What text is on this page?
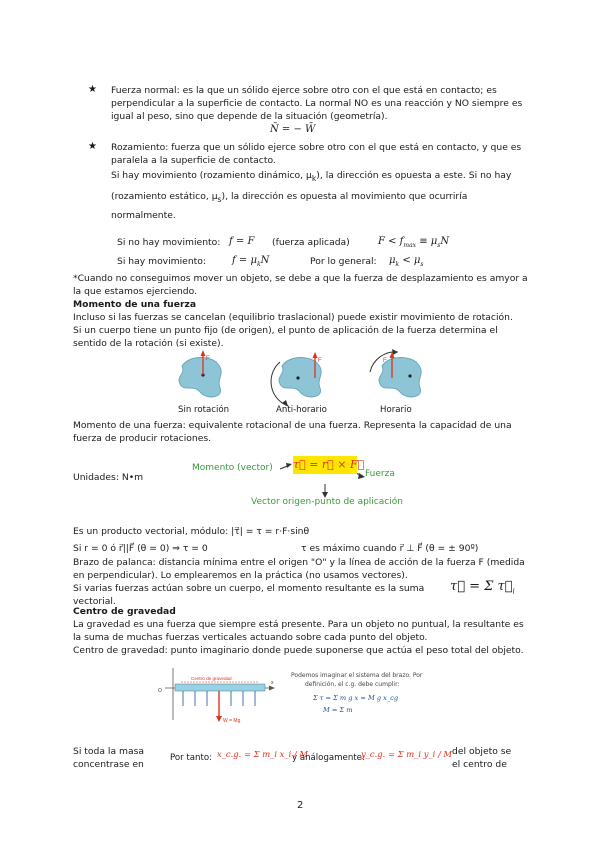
★ Fuerza normal: es la que un sólido ejerce sobre otro con el que está en contacto; es
perpendicular a la superficie de contacto. La normal NO es una reacción y NO siempre es
igual al peso, sino que depende de la situación (geometría).
N̄ = − W̄
★ Rozamiento: fuerza que un sólido ejerce sobre otro con el que está en contacto, y que es
paralela a la superficie de contacto.
Si hay movimiento (rozamiento dinámico, $\mu_k$), la dirección es opuesta a este. Si no hay
(rozamiento estático, $\mu_s$), la dirección es opuesta al movimiento que ocurriría
normalmente.
Si no hay movimiento: f = F (fuerza aplicada)	$F < f_{max} \equiv \mu_sN$
Si hay movimiento:	$f = \mu_kN$	Por lo general: $\mu_k < \mu_s$
*Cuando no conseguimos mover un objeto, se debe a que la fuerza de desplazamiento es amyor a
la que estamos ejerciendo.
Momento de una fuerza
Incluso si las fuerzas se cancelan (equilibrio traslacional) puede existir movimiento de rotación.
Si un cuerpo tiene un punto fijo (de origen), el punto de aplicación de la fuerza determina el
sentido de la rotación (si existe).
F	F	F
Sin rotación	Anti-horario	Horario
Momento de una fuerza: equivalente rotacional de una fuerza. Representa la capacidad de una
fuerza de producir rotaciones.
Unidades: N•m
Momento (vector) τ⃗ = r⃗ × F⃗
Fuerza
Vector origen-punto de aplicación
Es un producto vectorial, módulo: |τ⃗| = τ = r·F·sinθ
Si r = 0 ó r⃗||F⃗ (θ = 0) ⇒ τ = 0	τ es máximo cuando r⃗ ⊥ F⃗ (θ = ± 90º)
Brazo de palanca: distancia mínima entre el origen "O" y la línea de acción de la fuerza F (medida
en perpendicular). Lo emplearemos en la práctica (no usamos vectores).
Si varias fuerzas actúan sobre un cuerpo, el momento resultante es la suma
vectorial.
τ⃗ = Σ $\tau⃗_i$
Centro de gravedad
La gravedad es una fuerza que siempre está presente. Para un objeto no puntual, la resultante es
la suma de muchas fuerzas verticales actuando sobre cada punto del objeto.
Centro de gravedad: punto imaginario donde puede suponerse que actúa el peso total del objeto.
x
O
W = Mg
Centro de gravedad	Podemos imaginar el sistema del brazo. Por
definición, el c.g. debe cumplir:
Σ τ = Σ m g x = M g x_cg
M = Σ m
Si toda la masa
concentrase en
Por tanto: x_c.g. = Σ m_i x_i / M
y análogamente:
y_c.g. = Σ m_i y_i / M del objeto se
el centro de
2
